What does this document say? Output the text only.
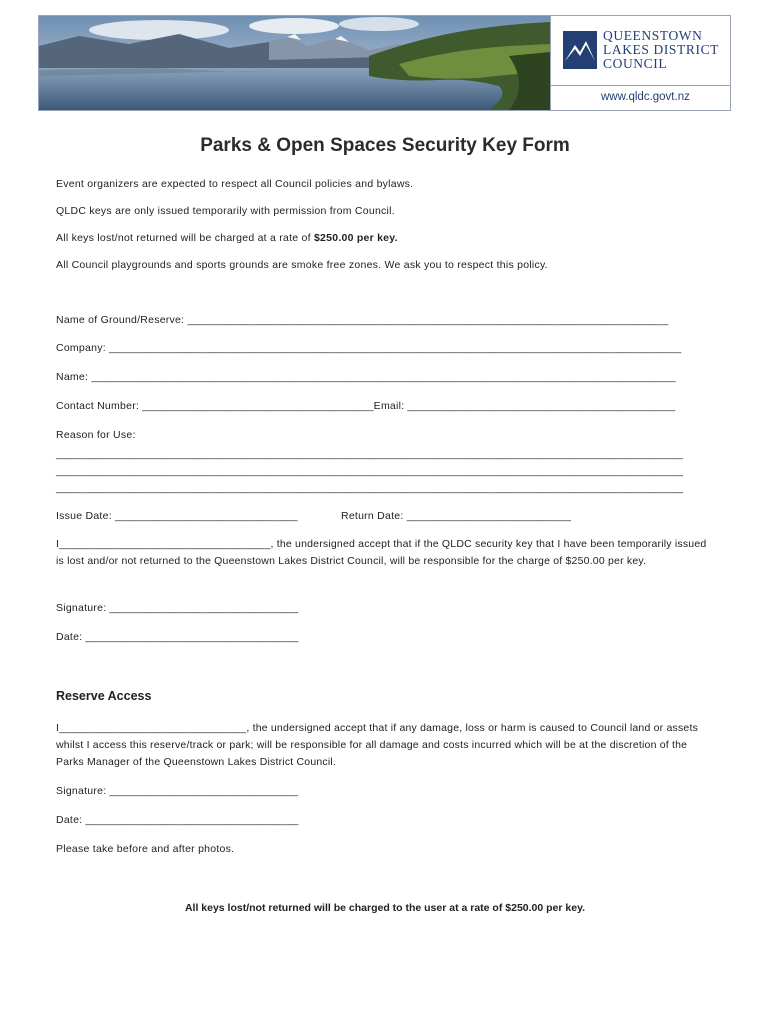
QUEENSTOWN
LAKES DISTRICT
COUNCIL
www.qldc.govt.nz
Parks & Open Spaces Security Key Form
Event organizers are expected to respect all Council policies and bylaws.
QLDC keys are only issued temporarily with permission from Council.
All keys lost/not returned will be charged at a rate of $250.00 per key.
All Council playgrounds and sports grounds are smoke free zones. We ask you to respect this policy.
Name of Ground/Reserve: _______________________________________________________________________________
Company: ______________________________________________________________________________________________
Name: ________________________________________________________________________________________________
Contact Number: ______________________________________Email: ____________________________________________
Reason for Use:
_______________________________________________________________________________________________________
_______________________________________________________________________________________________________
_______________________________________________________________________________________________________
Issue Date: ______________________________	Return Date: ___________________________
I___________________________________, the undersigned accept that if the QLDC security key that I have been temporarily issued is lost and/or not returned to the Queenstown Lakes District Council, will be responsible for the charge of $250.00 per key.
Signature: _______________________________
Date: ___________________________________
Reserve Access
I_______________________________, the undersigned accept that if any damage, loss or harm is caused to Council land or assets whilst I access this reserve/track or park; will be responsible for all damage and costs incurred which will be at the discretion of the Parks Manager of the Queenstown Lakes District Council.
Signature: _______________________________
Date: ___________________________________
Please take before and after photos.
All keys lost/not returned will be charged to the user at a rate of $250.00 per key.
